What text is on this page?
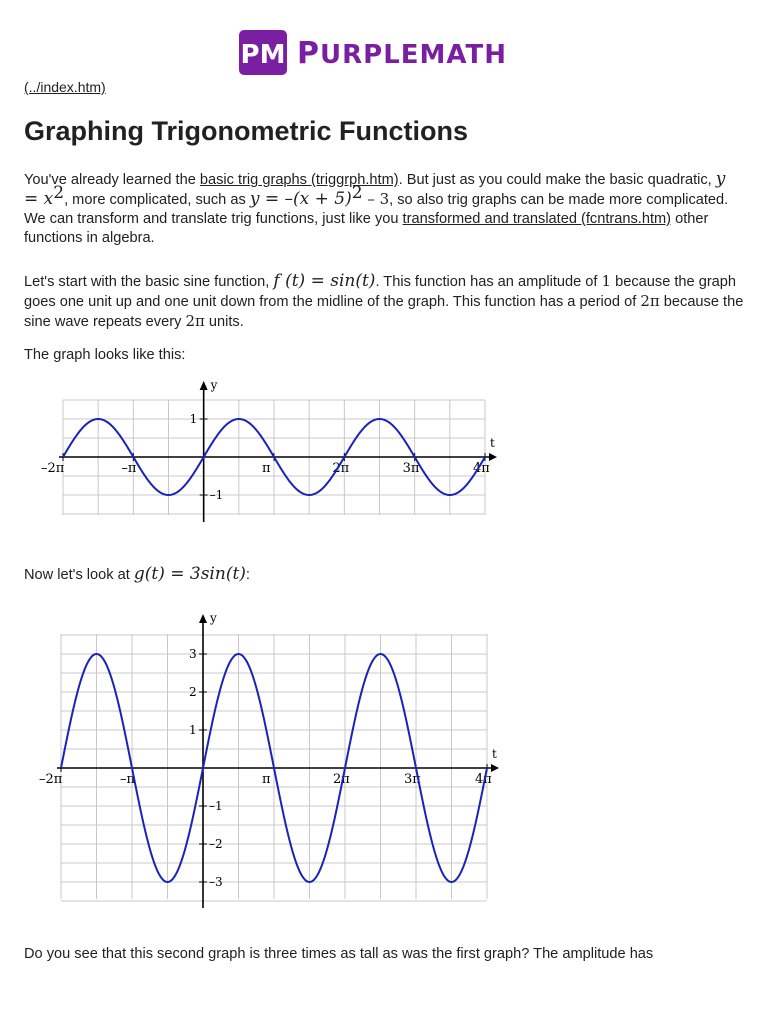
PM PURPLEMATH
(../index.htm)
Graphing Trigonometric Functions

You've already learned the basic trig graphs (triggrph.htm). But just as you could make the basic quadratic, $y = x^2$, more complicated, such as $y = -(x + 5)^2 - 3$, so also trig graphs can be made more complicated. We can transform and translate trig functions, just like you transformed and translated (fcntrans.htm) other functions in algebra.

Let's start with the basic sine function, f (t) = sin(t). This function has an amplitude of 1 because the graph goes one unit up and one unit down from the midline of the graph. This function has a period of 2π because the sine wave repeats every 2π units.

The graph looks like this:

y
t
–2π	–π	π	2π	3π	4π
1
–1

Now let's look at g(t) = 3sin(t):

y
t
–2π	–π	π	2π	3π	4π
3
2
1
–1
–2
–3

Do you see that this second graph is three times as tall as was the first graph? The amplitude has
